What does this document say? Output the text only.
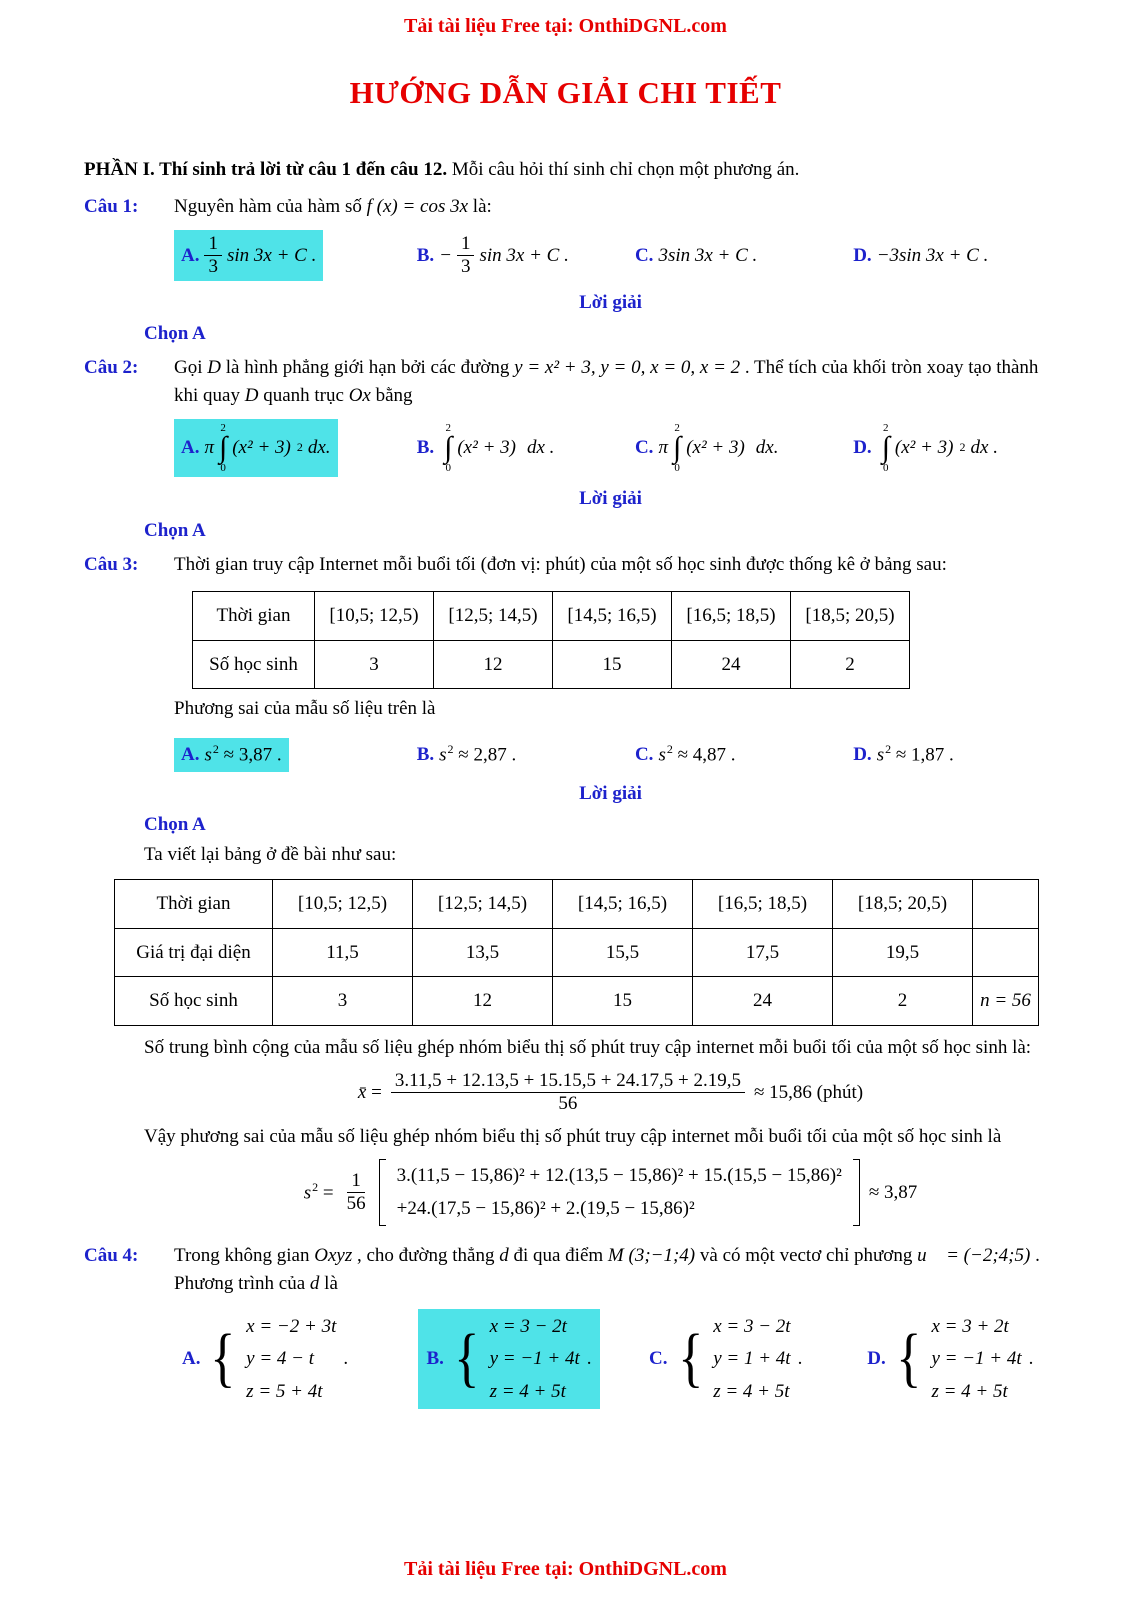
Tải tài liệu Free tại: OnthiDGNL.com
HƯỚNG DẪN GIẢI CHI TIẾT

PHẦN I. Thí sinh trả lời từ câu 1 đến câu 12. Mỗi câu hỏi thí sinh chỉ chọn một phương án.

Câu 1:	Nguyên hàm của hàm số f (x) = cos 3x là:

A. $\frac{1}{3}$ sin 3x + C .	B. − $\frac{1}{3}$ sin 3x + C .	C. 3sin 3x + C .	D. −3sin 3x + C .
Lời giải
Chọn A
Câu 2:	Gọi D là hình phẳng giới hạn bởi các đường y = x² + 3, y = 0, x = 0, x = 2 . Thể tích của khối tròn xoay tạo thành khi quay D quanh trục Ox bằng

A. π
2
∫
0
(x² + 3) 2 dx.	B.
2
∫
0
(x² + 3) dx .	C. π
2
∫
0
(x² + 3) dx.	D.
2
∫
0
(x² + 3) 2 dx .
Lời giải
Chọn A
Câu 3:	Thời gian truy cập Internet mỗi buổi tối (đơn vị: phút) của một số học sinh được thống kê ở bảng sau:

Thời gian	[10,5; 12,5)	[12,5; 14,5)	[14,5; 16,5)	[16,5; 18,5)	[18,5; 20,5)
Số học sinh	3	12	15	24	2

Phương sai của mẫu số liệu trên là

A. $s^2 \approx 3,87$ .	B. $s^2 \approx 2,87$ .	C. $s^2 \approx 4,87$ .	D. $s^2 \approx 1,87$ .
Lời giải
Chọn A

Ta viết lại bảng ở đề bài như sau:

Thời gian	[10,5; 12,5)	[12,5; 14,5)	[14,5; 16,5)	[16,5; 18,5)	[18,5; 20,5)	
Giá trị đại diện	11,5	13,5	15,5	17,5	19,5	
Số học sinh	3	12	15	24	2	n = 56

Số trung bình cộng của mẫu số liệu ghép nhóm biểu thị số phút truy cập internet mỗi buổi tối của một số học sinh là:

x̄ = $\frac{3.11,5 + 12.13,5 + 15.15,5 + 24.17,5 + 2.19,5}{56} \approx 15,86$ (phút)

Vậy phương sai của mẫu số liệu ghép nhóm biểu thị số phút truy cập internet mỗi buổi tối của một số học sinh là

$s^2 = \frac{1}{56} 3.(11,5 - 15,86)^2 + 12.(13,5 - 15,86)^2 + 15.(15,5 - 15,86)^2$
+24.(17,5 − 15,86)² + 2.(19,5 − 15,86)²
≈ 3,87
Câu 4:	Trong không gian Oxyz , cho đường thẳng d đi qua điểm M (3;−1;4) và có một vectơ chỉ phương u⃗ = (−2;4;5) . Phương trình của d là

A. { x = −2 + 3t
y = 4 − t
z = 5 + 4t
.	B. { x = 3 − 2t
y = −1 + 4t
z = 4 + 5t
.	C. { x = 3 − 2t
y = 1 + 4t
z = 4 + 5t
.	D. { x = 3 + 2t
y = −1 + 4t
z = 4 + 5t
.
Tải tài liệu Free tại: OnthiDGNL.com
